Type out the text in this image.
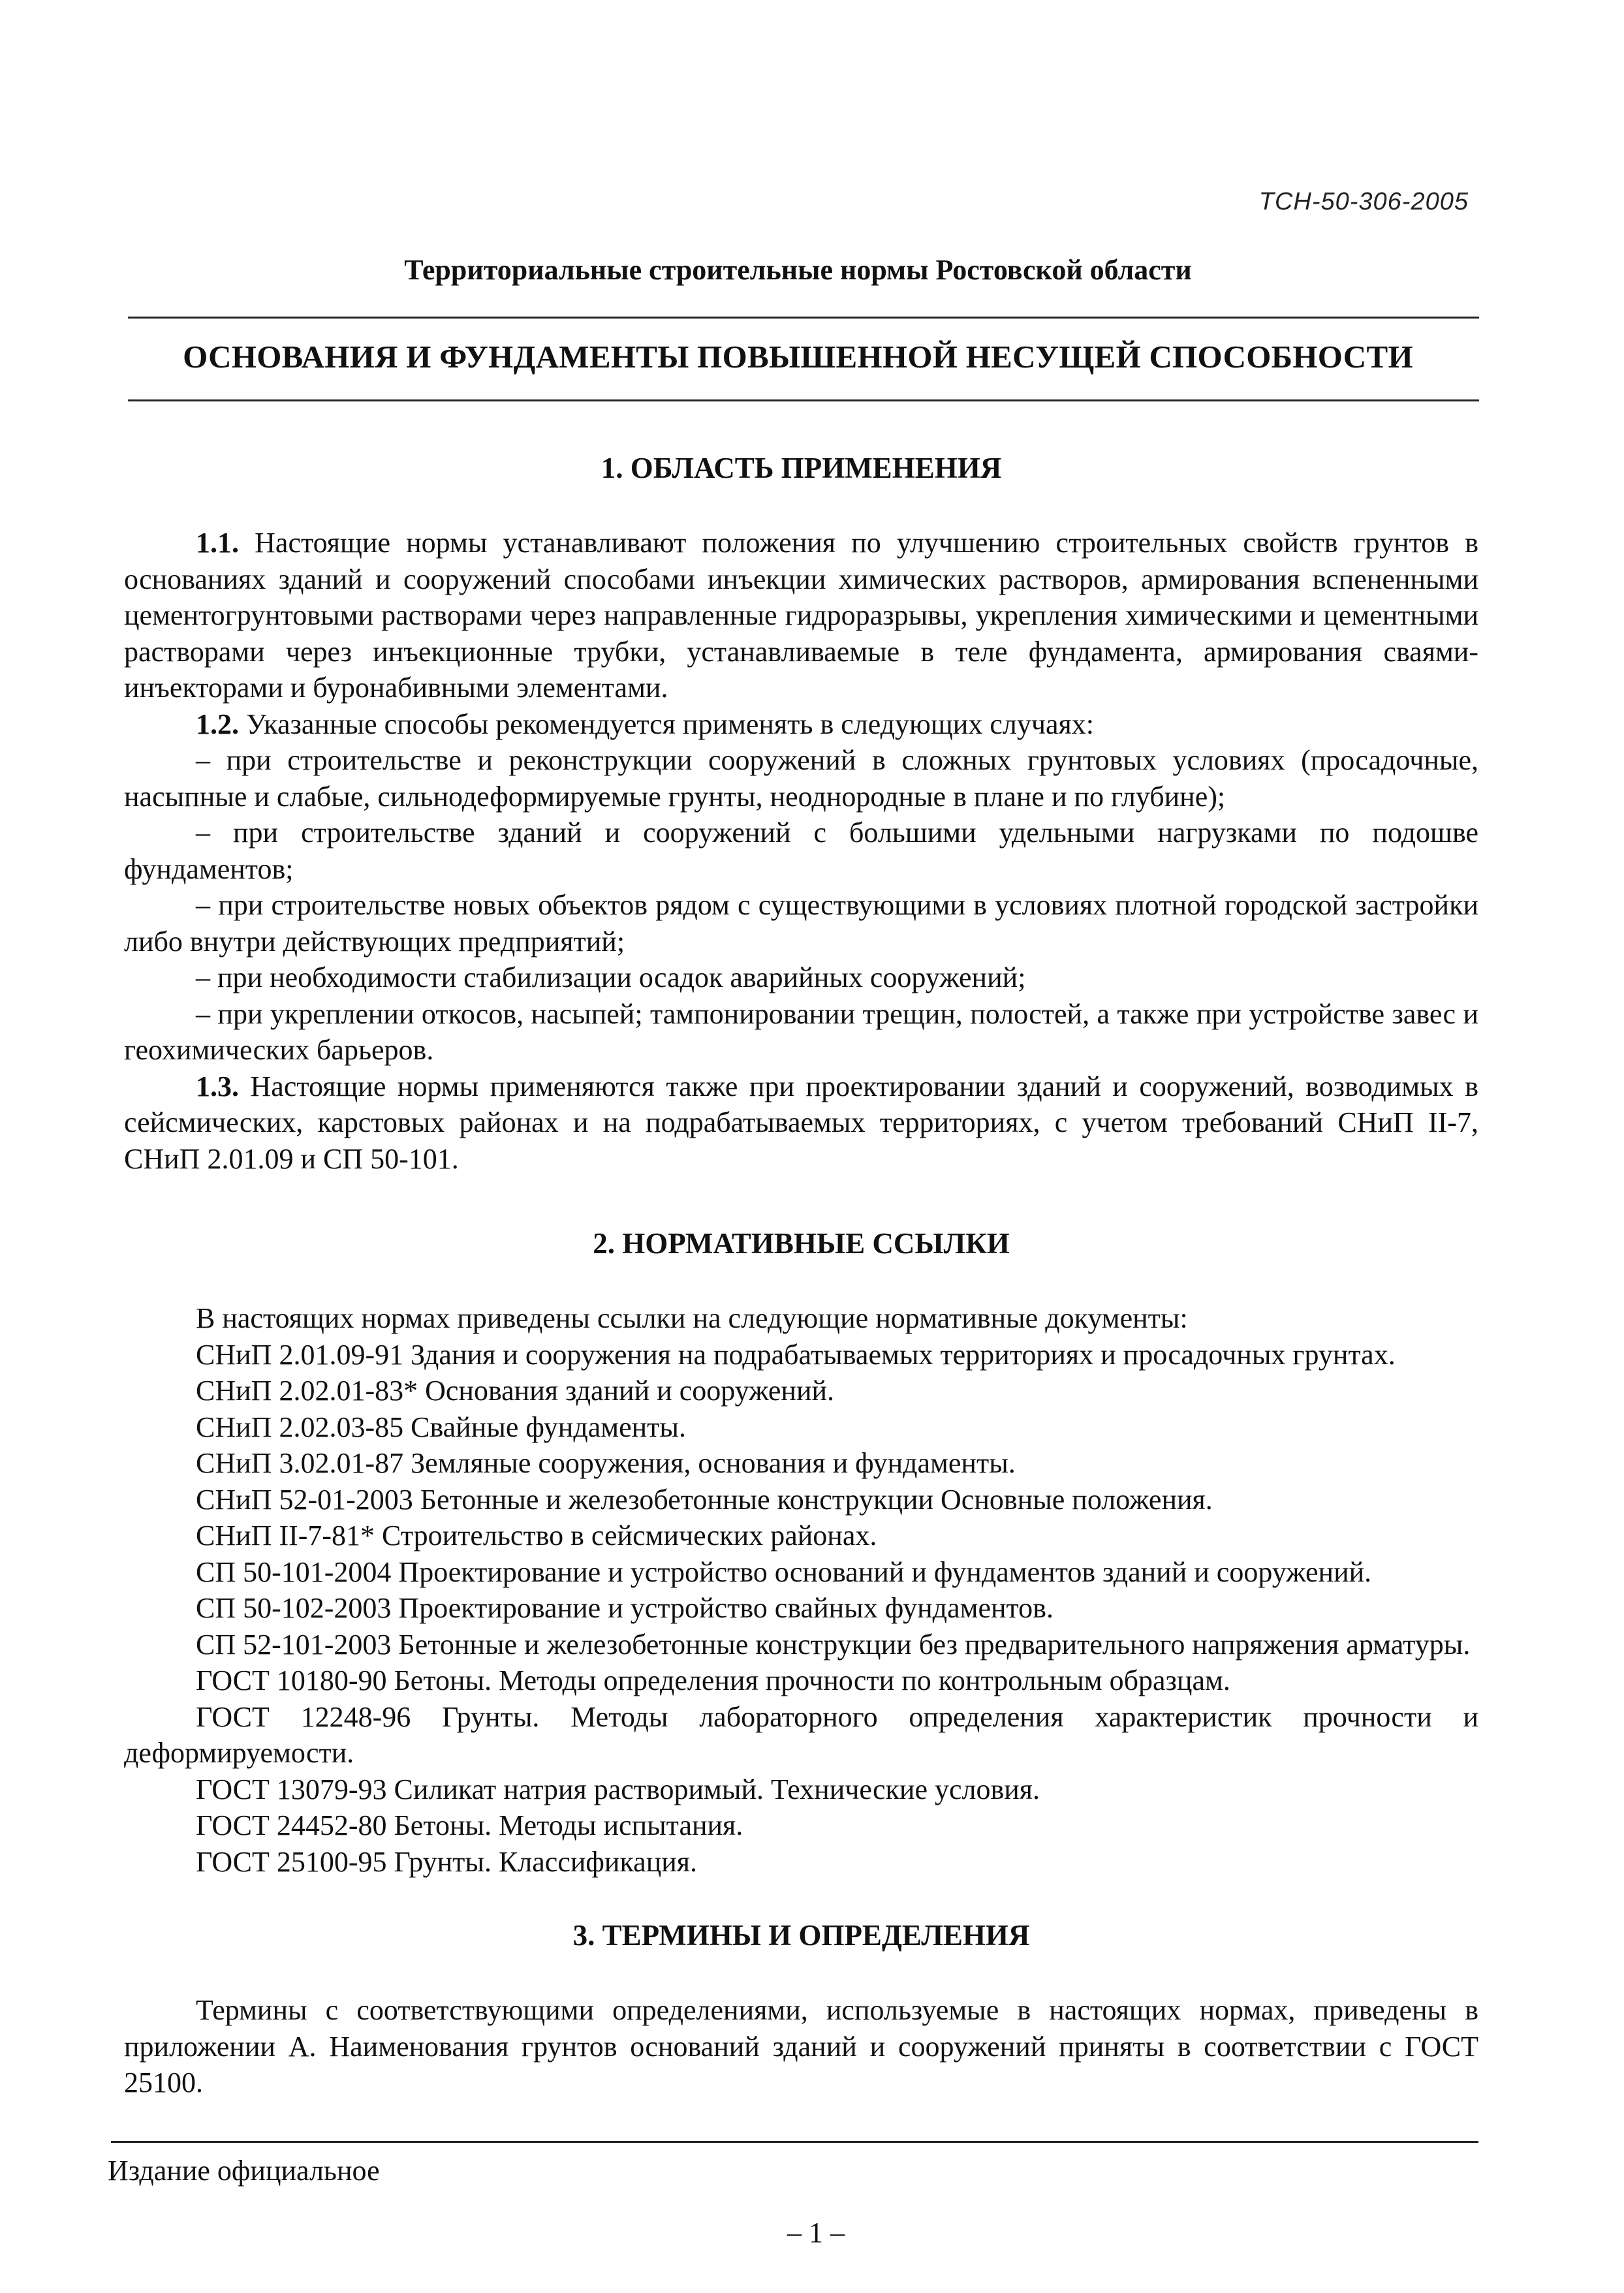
ТСН-50-306-2005
Территориальные строительные нормы Ростовской области
ОСНОВАНИЯ И ФУНДАМЕНТЫ ПОВЫШЕННОЙ НЕСУЩЕЙ СПОСОБНОСТИ
1. ОБЛАСТЬ ПРИМЕНЕНИЯ

1.1. Настоящие нормы устанавливают положения по улучшению строительных свойств грунтов в основаниях зданий и сооружений способами инъекции химических растворов, армирования вспененными цементогрунтовыми растворами через направленные гидроразрывы, укрепления химическими и цементными растворами через инъекционные трубки, устанавливаемые в теле фундамента, армирования сваями-инъекторами и буронабивными элементами.

1.2. Указанные способы рекомендуется применять в следующих случаях:

– при строительстве и реконструкции сооружений в сложных грунтовых условиях (просадочные, насыпные и слабые, сильнодеформируемые грунты, неоднородные в плане и по глубине);

– при строительстве зданий и сооружений с большими удельными нагрузками по подошве фундаментов;

– при строительстве новых объектов рядом с существующими в условиях плотной городской застройки либо внутри действующих предприятий;

– при необходимости стабилизации осадок аварийных сооружений;

– при укреплении откосов, насыпей; тампонировании трещин, полостей, а также при устройстве завес и геохимических барьеров.

1.3. Настоящие нормы применяются также при проектировании зданий и сооружений, возводимых в сейсмических, карстовых районах и на подрабатываемых территориях, с учетом требований СНиП II-7, СНиП 2.01.09 и СП 50-101.

2. НОРМАТИВНЫЕ ССЫЛКИ

В настоящих нормах приведены ссылки на следующие нормативные документы:

СНиП 2.01.09-91 Здания и сооружения на подрабатываемых территориях и просадочных грунтах.

СНиП 2.02.01-83* Основания зданий и сооружений.

СНиП 2.02.03-85 Свайные фундаменты.

СНиП 3.02.01-87 Земляные сооружения, основания и фундаменты.

СНиП 52-01-2003 Бетонные и железобетонные конструкции Основные положения.

СНиП II-7-81* Строительство в сейсмических районах.

СП 50-101-2004 Проектирование и устройство оснований и фундаментов зданий и сооружений.

СП 50-102-2003 Проектирование и устройство свайных фундаментов.

СП 52-101-2003 Бетонные и железобетонные конструкции без предварительного напряжения арматуры.

ГОСТ 10180-90 Бетоны. Методы определения прочности по контрольным образцам.

ГОСТ 12248-96 Грунты. Методы лабораторного определения характеристик прочности и деформируемости.

ГОСТ 13079-93 Силикат натрия растворимый. Технические условия.

ГОСТ 24452-80 Бетоны. Методы испытания.

ГОСТ 25100-95 Грунты. Классификация.

3. ТЕРМИНЫ И ОПРЕДЕЛЕНИЯ

Термины с соответствующими определениями, используемые в настоящих нормах, приведены в приложении А. Наименования грунтов оснований зданий и сооружений приняты в соответствии с ГОСТ 25100.

Издание официальное
– 1 –
